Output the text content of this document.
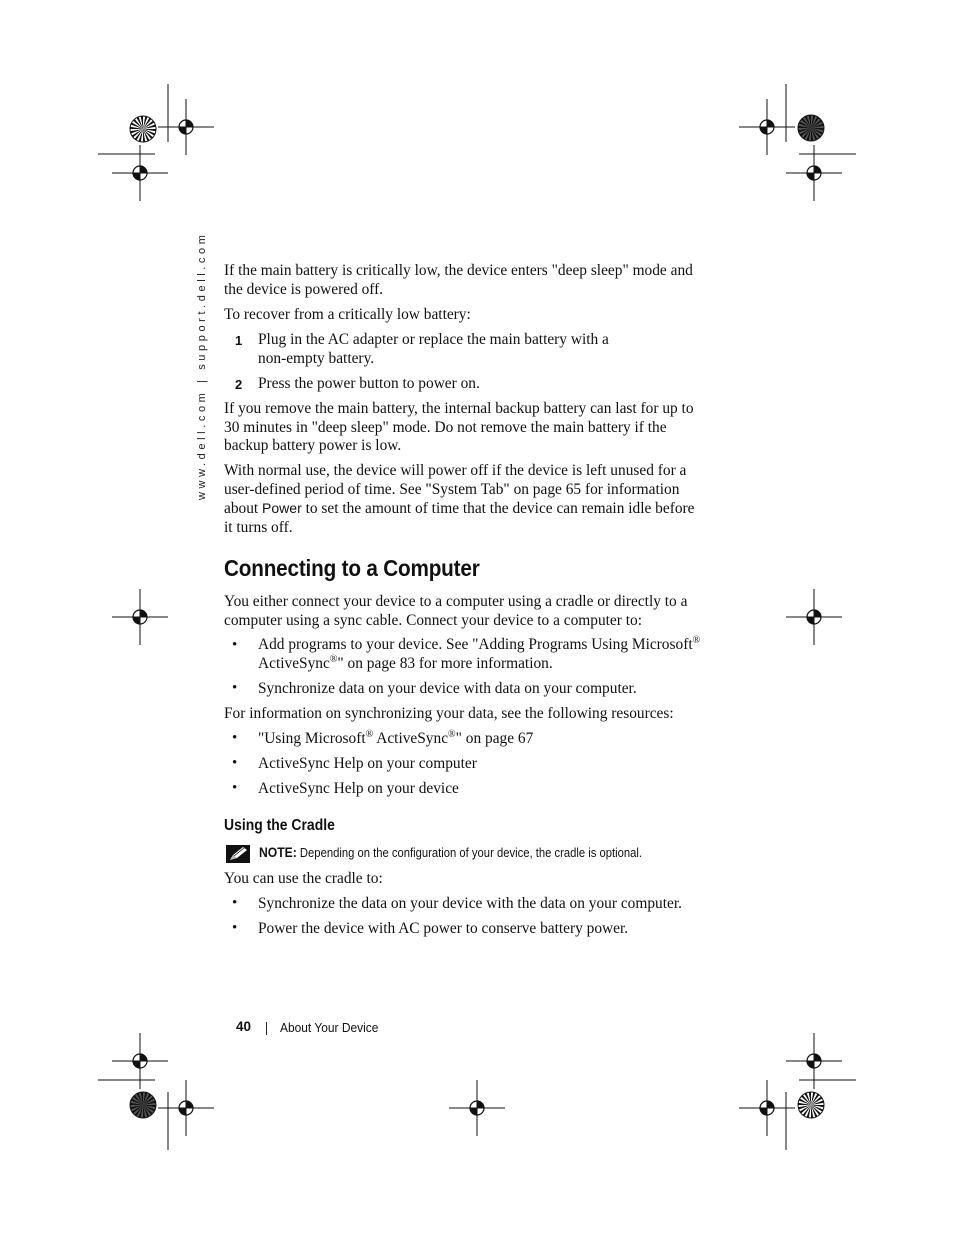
www.dell.com | support.dell.com If the main battery is critically low, the device enters "deep sleep" mode and the device is powered off.

To recover from a critically low battery:

1 Plug in the AC adapter or replace the main battery with a non-empty battery.
2 Press the power button to power on.

If you remove the main battery, the internal backup battery can last for up to 30 minutes in "deep sleep" mode. Do not remove the main battery if the backup battery power is low.

With normal use, the device will power off if the device is left unused for a user-defined period of time. See "System Tab" on page 65 for information about Power to set the amount of time that the device can remain idle before it turns off.

Connecting to a Computer

You either connect your device to a computer using a cradle or directly to a computer using a sync cable. Connect your device to a computer to:

• Add programs to your device. See "Adding Programs Using Microsoft®
ActiveSync®" on page 83 for more information.
• Synchronize data on your device with data on your computer.

For information on synchronizing your data, see the following resources:

• "Using Microsoft® ActiveSync®" on page 67
• ActiveSync Help on your computer
• ActiveSync Help on your device
Using the Cradle
NOTE: Depending on the configuration of your device, the cradle is optional.

You can use the cradle to:

• Synchronize the data on your device with the data on your computer.
• Power the device with AC power to conserve battery power.
40 About Your Device
